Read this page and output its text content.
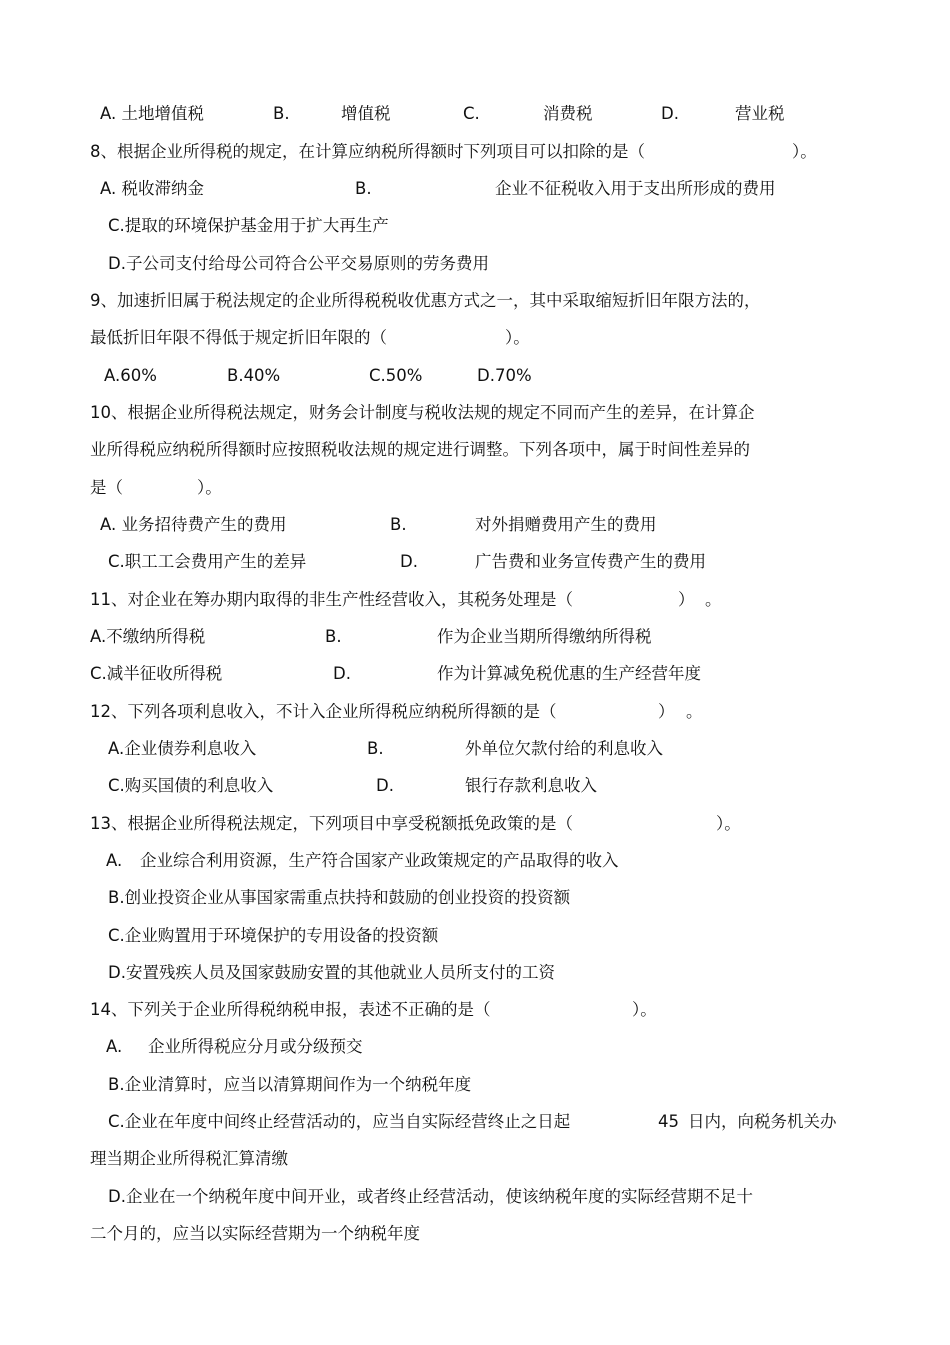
A. 土地增值税	B.	增值税	C.	消费税	D.	营业税
8、根据企业所得税的规定，在计算应纳税所得额时下列项目可以扣除的是（	）。
A. 税收滞纳金	B.	企业不征税收入用于支出所形成的费用
C.提取的环境保护基金用于扩大再生产
D.子公司支付给母公司符合公平交易原则的劳务费用
9、加速折旧属于税法规定的企业所得税税收优惠方式之一，其中采取缩短折旧年限方法的，
最低折旧年限不得低于规定折旧年限的（	）。
A.60%	B.40%	C.50%	D.70%
10、根据企业所得税法规定，财务会计制度与税收法规的规定不同而产生的差异，在计算企
业所得税应纳税所得额时应按照税收法规的规定进行调整。下列各项中，属于时间性差异的
是（	）。
A. 业务招待费产生的费用	B.	对外捐赠费用产生的费用
C.职工工会费用产生的差异	D.	广告费和业务宣传费产生的费用
11、对企业在筹办期内取得的非生产性经营收入，其税务处理是（	） 。
A.不缴纳所得税	B.	作为企业当期所得缴纳所得税
C.减半征收所得税	D.	作为计算减免税优惠的生产经营年度
12、下列各项利息收入，不计入企业所得税应纳税所得额的是（	） 。
A.企业债券利息收入	B.	外单位欠款付给的利息收入
C.购买国债的利息收入	D.	银行存款利息收入
13、根据企业所得税法规定，下列项目中享受税额抵免政策的是（	）。
A. 企业综合利用资源，生产符合国家产业政策规定的产品取得的收入
B.创业投资企业从事国家需重点扶持和鼓励的创业投资的投资额
C.企业购置用于环境保护的专用设备的投资额
D.安置残疾人员及国家鼓励安置的其他就业人员所支付的工资
14、下列关于企业所得税纳税申报，表述不正确的是（	）。
A. 企业所得税应分月或分级预交
B.企业清算时，应当以清算期间作为一个纳税年度
C.企业在年度中间终止经营活动的，应当自实际经营终止之日起	45 日内，向税务机关办
理当期企业所得税汇算清缴
D.企业在一个纳税年度中间开业，或者终止经营活动，使该纳税年度的实际经营期不足十
二个月的，应当以实际经营期为一个纳税年度
